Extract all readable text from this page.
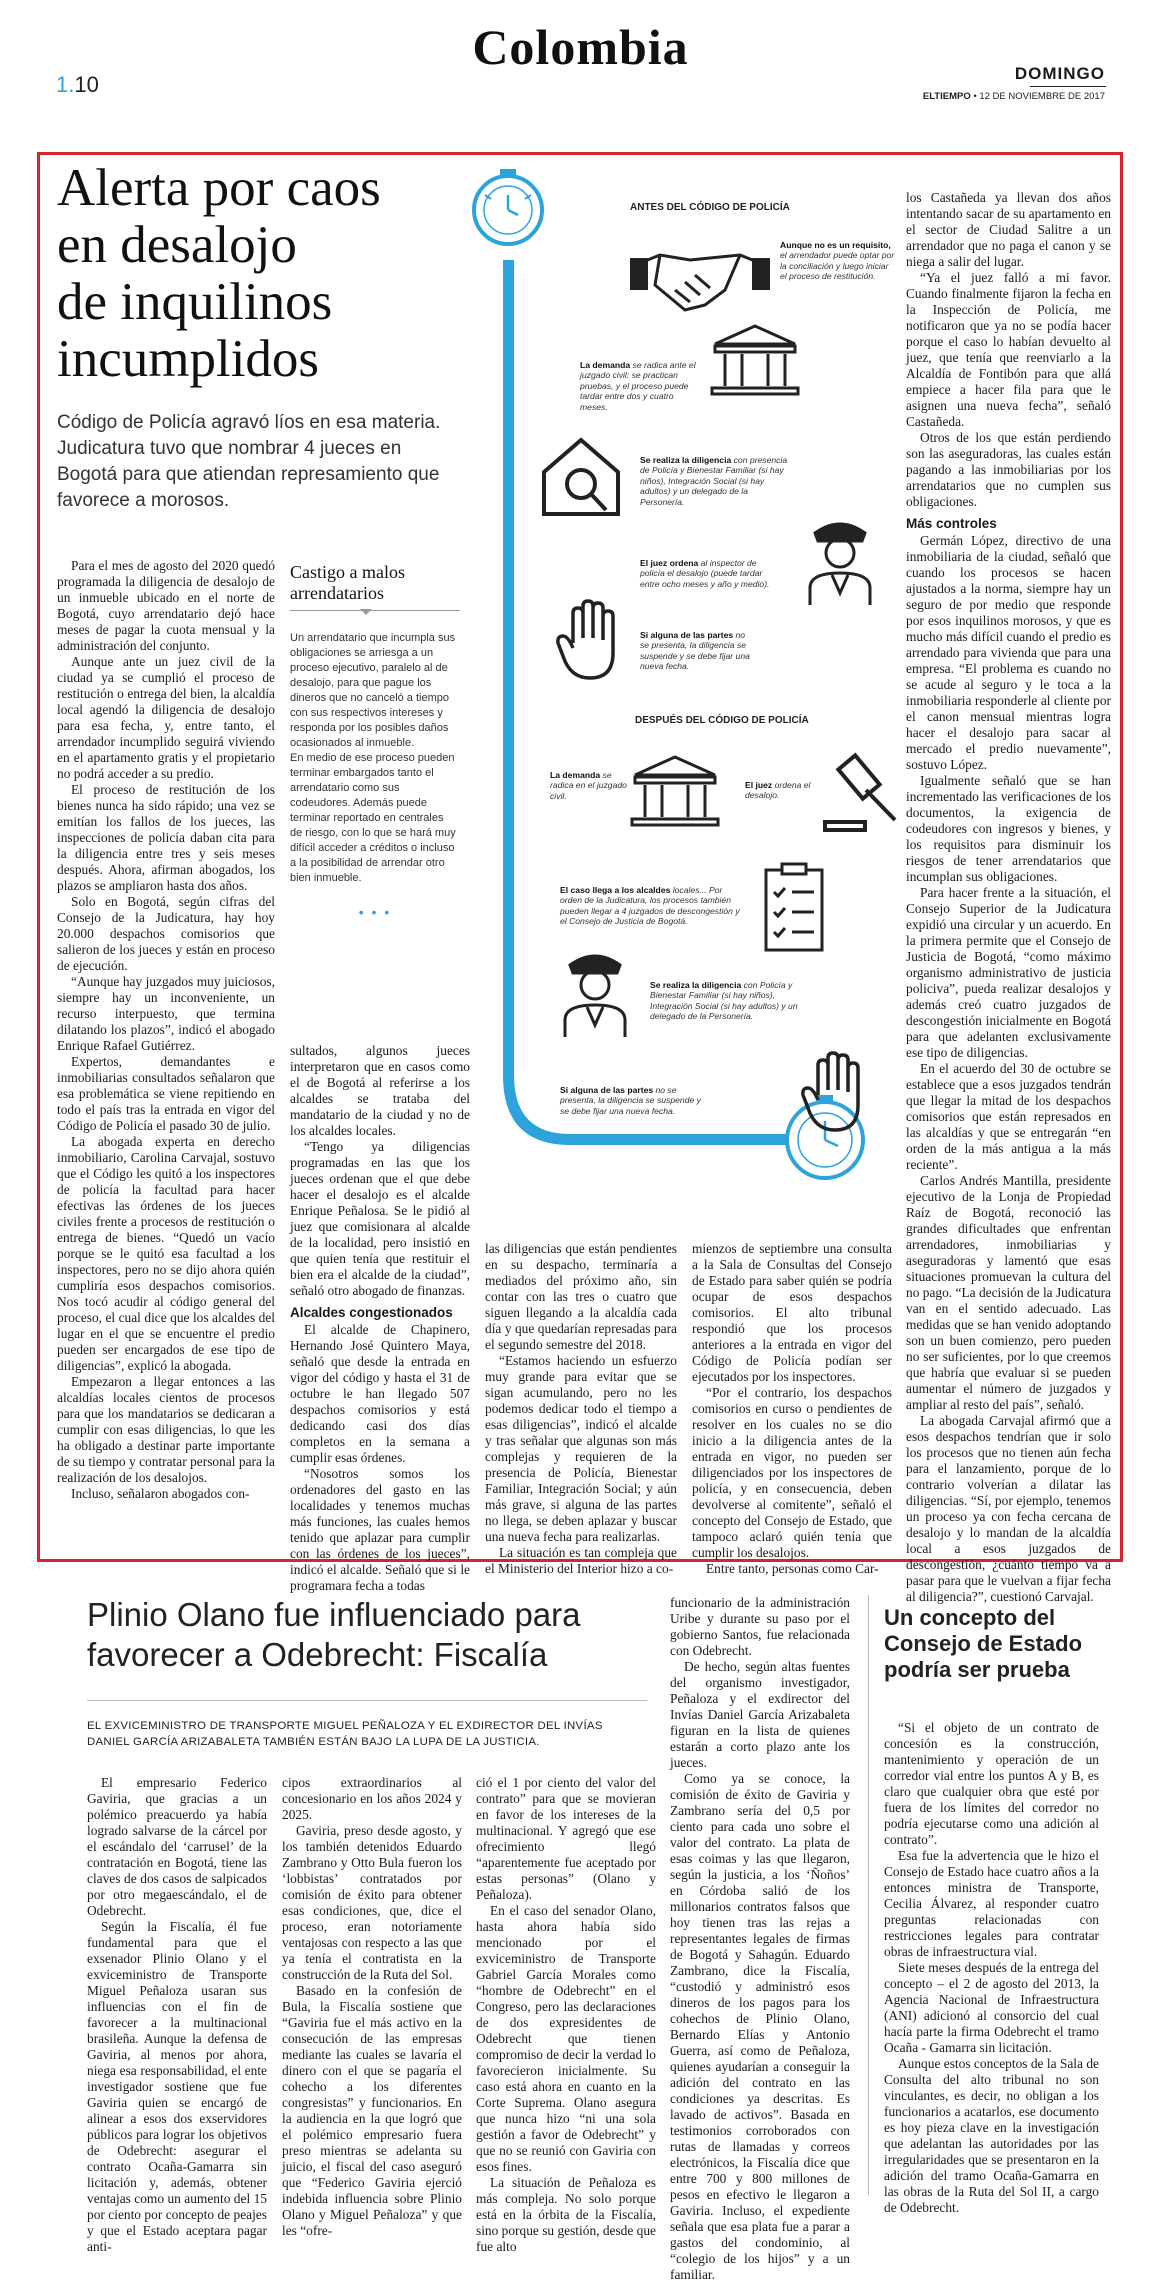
Colombia
1.10	DOMINGO
ELTIEMPO • 12 DE NOVIEMBRE DE 2017
Alerta por caos
en desalojo
de inquilinos
incumplidos
Código de Policía agravó líos en esa materia. Judicatura tuvo que nombrar 4 jueces en Bogotá para que atiendan represamiento que favorece a morosos.

Para el mes de agosto del 2020 quedó programada la diligencia de desalojo de un inmueble ubicado en el norte de Bogotá, cuyo arrendatario dejó hace meses de pagar la cuota mensual y la administración del conjunto.

Aunque ante un juez civil de la ciudad ya se cumplió el proceso de restitución o entrega del bien, la alcaldía local agendó la diligencia de desalojo para esa fecha, y, entre tanto, el arrendador incumplido seguirá viviendo en el apartamento gratis y el propietario no podrá acceder a su predio.

El proceso de restitución de los bienes nunca ha sido rápido; una vez se emitían los fallos de los jueces, las inspecciones de policía daban cita para la diligencia entre tres y seis meses después. Ahora, afirman abogados, los plazos se ampliaron hasta dos años.

Solo en Bogotá, según cifras del Consejo de la Judicatura, hay hoy 20.000 despachos comisorios que salieron de los jueces y están en proceso de ejecución.

“Aunque hay juzgados muy juiciosos, siempre hay un inconveniente, un recurso interpuesto, que termina dilatando los plazos”, indicó el abogado Enrique Rafael Gutiérrez.

Expertos, demandantes e inmobiliarias consultados señalaron que esa problemática se viene repitiendo en todo el país tras la entrada en vigor del Código de Policía el pasado 30 de julio.

La abogada experta en derecho inmobiliario, Carolina Carvajal, sostuvo que el Código les quitó a los inspectores de policía la facultad para hacer efectivas las órdenes de los jueces civiles frente a procesos de restitución o entrega de bienes. “Quedó un vacío porque se le quitó esa facultad a los inspectores, pero no se dijo ahora quién cumpliría esos despachos comisorios. Nos tocó acudir al código general del proceso, el cual dice que los alcaldes del lugar en el que se encuentre el predio pueden ser encargados de ese tipo de diligencias”, explicó la abogada.

Empezaron a llegar entonces a las alcaldías locales cientos de procesos para que los mandatarios se dedicaran a cumplir con esas diligencias, lo que les ha obligado a destinar parte importante de su tiempo y contratar personal para la realización de los desalojos.

Incluso, señalaron abogados con-

Castigo a malos arrendatarios
Un arrendatario que incumpla sus obligaciones se arriesga a un proceso ejecutivo, paralelo al de desalojo, para que pague los dineros que no canceló a tiempo con sus respectivos intereses y responda por los posibles daños ocasionados al inmueble.
En medio de ese proceso pueden terminar embargados tanto el arrendatario como sus codeudores. Además puede terminar reportado en centrales de riesgo, con lo que se hará muy difícil acceder a créditos o incluso a la posibilidad de arrendar otro bien inmueble.
• • •

sultados, algunos jueces interpretaron que en casos como el de Bogotá al referirse a los alcaldes se trataba del mandatario de la ciudad y no de los alcaldes locales.

“Tengo ya diligencias programadas en las que los jueces ordenan que el que debe hacer el desalojo es el alcalde Enrique Peñalosa. Se le pidió al juez que comisionara al alcalde de la localidad, pero insistió en que quien tenía que restituir el bien era el alcalde de la ciudad”, señaló otro abogado de finanzas.

Alcaldes congestionados

El alcalde de Chapinero, Hernando José Quintero Maya, señaló que desde la entrada en vigor del código y hasta el 31 de octubre le han llegado 507 despachos comisorios y está dedicando casi dos días completos en la semana a cumplir esas órdenes.

“Nosotros somos los ordenadores del gasto en las localidades y tenemos muchas más funciones, las cuales hemos tenido que aplazar para cumplir con las órdenes de los jueces”, indicó el alcalde. Señaló que si le programara fecha a todas

las diligencias que están pendientes en su despacho, terminaría a mediados del próximo año, sin contar con las tres o cuatro que siguen llegando a la alcaldía cada día y que quedarían represadas para el segundo semestre del 2018.

“Estamos haciendo un esfuerzo muy grande para evitar que se sigan acumulando, pero no les podemos dedicar todo el tiempo a esas diligencias”, indicó el alcalde y tras señalar que algunas son más complejas y requieren de la presencia de Policía, Bienestar Familiar, Integración Social; y aún más grave, si alguna de las partes no llega, se deben aplazar y buscar una nueva fecha para realizarlas.

La situación es tan compleja que el Ministerio del Interior hizo a co-

mienzos de septiembre una consulta a la Sala de Consultas del Consejo de Estado para saber quién se podría ocupar de esos despachos comisorios. El alto tribunal respondió que los procesos anteriores a la entrada en vigor del Código de Policía podían ser ejecutados por los inspectores.

“Por el contrario, los despachos comisorios en curso o pendientes de resolver en los cuales no se dio inicio a la diligencia antes de la entrada en vigor, no pueden ser diligenciados por los inspectores de policía, y en consecuencia, deben devolverse al comitente”, señaló el concepto del Consejo de Estado, que tampoco aclaró quién tenía que cumplir los desalojos.

Entre tanto, personas como Car-

los Castañeda ya llevan dos años intentando sacar de su apartamento en el sector de Ciudad Salitre a un arrendador que no paga el canon y se niega a salir del lugar.

“Ya el juez falló a mi favor. Cuando finalmente fijaron la fecha en la Inspección de Policía, me notificaron que ya no se podía hacer porque el caso lo habían devuelto al juez, que tenía que reenviarlo a la Alcaldía de Fontibón para que allá empiece a hacer fila para que le asignen una nueva fecha”, señaló Castañeda.

Otros de los que están perdiendo son las aseguradoras, las cuales están pagando a las inmobiliarias por los arrendatarios que no cumplen sus obligaciones.

Más controles

Germán López, directivo de una inmobiliaria de la ciudad, señaló que cuando los procesos se hacen ajustados a la norma, siempre hay un seguro de por medio que responde por esos inquilinos morosos, y que es mucho más difícil cuando el predio es arrendado para vivienda que para una empresa. “El problema es cuando no se acude al seguro y le toca a la inmobiliaria responderle al cliente por el canon mensual mientras logra hacer el desalojo para sacar al mercado el predio nuevamente”, sostuvo López.

Igualmente señaló que se han incrementado las verificaciones de los documentos, la exigencia de codeudores con ingresos y bienes, y los requisitos para disminuir los riesgos de tener arrendatarios que incumplan sus obligaciones.

Para hacer frente a la situación, el Consejo Superior de la Judicatura expidió una circular y un acuerdo. En la primera permite que el Consejo de Justicia de Bogotá, “como máximo organismo administrativo de justicia policiva”, pueda realizar desalojos y además creó cuatro juzgados de descongestión inicialmente en Bogotá para que adelanten exclusivamente ese tipo de diligencias.

En el acuerdo del 30 de octubre se establece que a esos juzgados tendrán que llegar la mitad de los despachos comisorios que están represados en las alcaldías y que se entregarán “en orden de la más antigua a la más reciente”.

Carlos Andrés Mantilla, presidente ejecutivo de la Lonja de Propiedad Raíz de Bogotá, reconoció las grandes dificultades que enfrentan arrendadores, inmobiliarias y aseguradoras y lamentó que esas situaciones promuevan la cultura del no pago. “La decisión de la Judicatura van en el sentido adecuado. Las medidas que se han venido adoptando son un buen comienzo, pero pueden no ser suficientes, por lo que creemos que habría que evaluar si se pueden aumentar el número de juzgados y ampliar al resto del país”, señaló.

La abogada Carvajal afirmó que a esos despachos tendrían que ir solo los procesos que no tienen aún fecha para el lanzamiento, porque de lo contrario volverían a dilatar las diligencias. “Sí, por ejemplo, tenemos un proceso ya con fecha cercana de desalojo y lo mandan de la alcaldía local a esos juzgados de descongestión, ¿cuánto tiempo va a pasar para que le vuelvan a fijar fecha al diligencia?”, cuestionó Carvajal.

ANTES DEL CÓDIGO DE POLICÍA
DESPUÉS DEL CÓDIGO DE POLICÍA
Aunque no es un requisito, el arrendador puede optar por la conciliación y luego iniciar el proceso de restitución.
La demanda se radica ante el juzgado civil: se practican pruebas, y el proceso puede tardar entre dos y cuatro meses.
Se realiza la diligencia con presencia de Policía y Bienestar Familiar (si hay niños), Integración Social (si hay adultos) y un delegado de la Personería.
El juez ordena al inspector de policía el desalojo (puede tardar entre ocho meses y año y medio).
Si alguna de las partes no se presenta, la diligencia se suspende y se debe fijar una nueva fecha.
La demanda se radica en el juzgado civil.
El juez ordena el desalojo.
El caso llega a los alcaldes locales... Por orden de la Judicatura, los procesos también pueden llegar a 4 juzgados de descongestión y el Consejo de Justicia de Bogotá.
Se realiza la diligencia con Policía y Bienestar Familiar (si hay niños), Integración Social (si hay adultos) y un delegado de la Personería.
Si alguna de las partes no se presenta, la diligencia se suspende y se debe fijar una nueva fecha.
Plinio Olano fue influenciado para favorecer a Odebrecht: Fiscalía
EL EXVICEMINISTRO DE TRANSPORTE MIGUEL PEÑALOZA Y EL EXDIRECTOR DEL INVÍAS DANIEL GARCÍA ARIZABALETA TAMBIÉN ESTÁN BAJO LA LUPA DE LA JUSTICIA.

El empresario Federico Gaviria, que gracias a un polémico preacuerdo ya había logrado salvarse de la cárcel por el escándalo del ‘carrusel’ de la contratación en Bogotá, tiene las claves de dos casos de salpicados por otro megaescándalo, el de Odebrecht.

Según la Fiscalía, él fue fundamental para que el exsenador Plinio Olano y el exviceministro de Transporte Miguel Peñaloza usaran sus influencias con el fin de favorecer a la multinacional brasileña. Aunque la defensa de Gaviria, al menos por ahora, niega esa responsabilidad, el ente investigador sostiene que fue Gaviria quien se encargó de alinear a esos dos exservidores públicos para lograr los objetivos de Odebrecht: asegurar el contrato Ocaña-Gamarra sin licitación y, además, obtener ventajas como un aumento del 15 por ciento por concepto de peajes y que el Estado aceptara pagar anti-

cipos extraordinarios al concesionario en los años 2024 y 2025.

Gaviria, preso desde agosto, y los también detenidos Eduardo Zambrano y Otto Bula fueron los ‘lobbistas’ contratados por comisión de éxito para obtener esas condiciones, que, dice el proceso, eran notoriamente ventajosas con respecto a las que ya tenía el contratista en la construcción de la Ruta del Sol.

Basado en la confesión de Bula, la Fiscalía sostiene que “Gaviria fue el más activo en la consecución de las empresas mediante las cuales se lavaría el dinero con el que se pagaría el cohecho a los diferentes congresistas” y funcionarios. En la audiencia en la que logró que el polémico empresario fuera preso mientras se adelanta su juicio, el fiscal del caso aseguró que “Federico Gaviria ejerció indebida influencia sobre Plinio Olano y Miguel Peñaloza” y que les “ofre-

ció el 1 por ciento del valor del contrato” para que se movieran en favor de los intereses de la multinacional. Y agregó que ese ofrecimiento llegó “aparentemente fue aceptado por estas personas” (Olano y Peñaloza).

En el caso del senador Olano, hasta ahora había sido mencionado por el exviceministro de Transporte Gabriel García Morales como “hombre de Odebrecht” en el Congreso, pero las declaraciones de dos expresidentes de Odebrecht que tienen compromiso de decir la verdad lo favorecieron inicialmente. Su caso está ahora en cuanto en la Corte Suprema. Olano asegura que nunca hizo “ni una sola gestión a favor de Odebrecht” y que no se reunió con Gaviria con esos fines.

La situación de Peñaloza es más compleja. No solo porque está en la órbita de la Fiscalía, sino porque su gestión, desde que fue alto

funcionario de la administración Uribe y durante su paso por el gobierno Santos, fue relacionada con Odebrecht.

De hecho, según altas fuentes del organismo investigador, Peñaloza y el exdirector del Invías Daniel García Arizabaleta figuran en la lista de quienes estarán a corto plazo ante los jueces.

Como ya se conoce, la comisión de éxito de Gaviria y Zambrano sería del 0,5 por ciento para cada uno sobre el valor del contrato. La plata de esas coimas y las que llegaron, según la justicia, a los ‘Ñoños’ en Córdoba salió de los millonarios contratos falsos que hoy tienen tras las rejas a representantes legales de firmas de Bogotá y Sahagún. Eduardo Zambrano, dice la Fiscalía, “custodió y administró esos dineros de los pagos para los cohechos de Plinio Olano, Bernardo Elías y Antonio Guerra, así como de Peñaloza, quienes ayudarían a conseguir la adición del contrato en las condiciones ya descritas. Es lavado de activos”. Basada en testimonios corroborados con rutas de llamadas y correos electrónicos, la Fiscalía dice que entre 700 y 800 millones de pesos en efectivo le llegaron a Gaviria. Incluso, el expediente señala que esa plata fue a parar a gastos del condominio, al “colegio de los hijos” y a un familiar.

Un concepto del Consejo de Estado podría ser prueba

“Si el objeto de un contrato de concesión es la construcción, mantenimiento y operación de un corredor vial entre los puntos A y B, es claro que cualquier obra que esté por fuera de los límites del corredor no podría ejecutarse como una adición al contrato”.

Esa fue la advertencia que le hizo el Consejo de Estado hace cuatro años a la entonces ministra de Transporte, Cecilia Álvarez, al responder cuatro preguntas relacionadas con restricciones legales para contratar obras de infraestructura vial.

Siete meses después de la entrega del concepto – el 2 de agosto del 2013, la Agencia Nacional de Infraestructura (ANI) adicionó al consorcio del cual hacía parte la firma Odebrecht el tramo Ocaña - Gamarra sin licitación.

Aunque estos conceptos de la Sala de Consulta del alto tribunal no son vinculantes, es decir, no obligan a los funcionarios a acatarlos, ese documento es hoy pieza clave en la investigación que adelantan las autoridades por las irregularidades que se presentaron en la adición del tramo Ocaña-Gamarra en las obras de la Ruta del Sol II, a cargo de Odebrecht.
